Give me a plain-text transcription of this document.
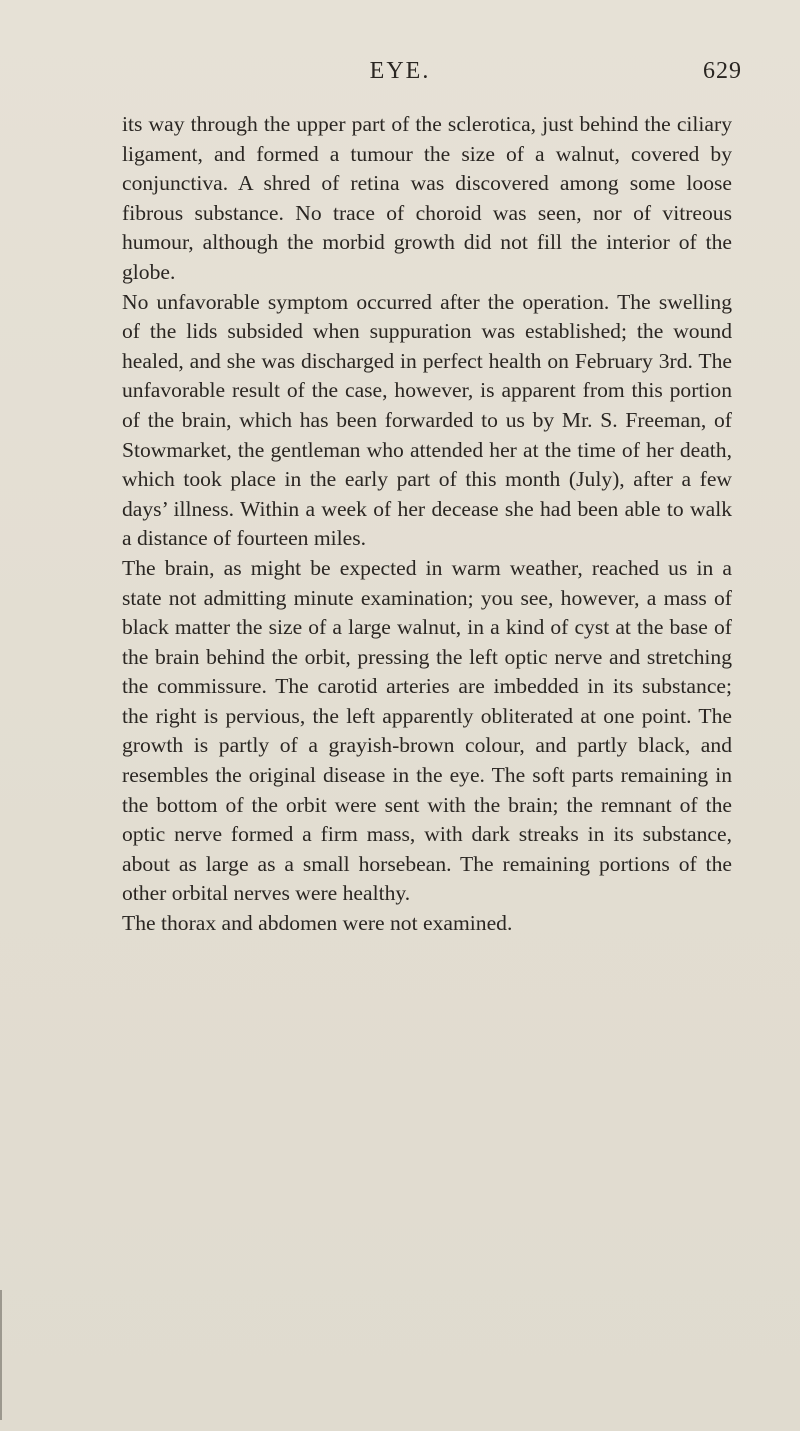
EYE.	629

its way through the upper part of the sclerotica, just behind the ciliary ligament, and formed a tumour the size of a walnut, covered by conjunctiva. A shred of retina was discovered among some loose fibrous substance. No trace of choroid was seen, nor of vitreous humour, although the morbid growth did not fill the interior of the globe.

No unfavorable symptom occurred after the operation. The swelling of the lids subsided when suppuration was established; the wound healed, and she was discharged in perfect health on February 3rd. The unfavorable result of the case, however, is apparent from this portion of the brain, which has been forwarded to us by Mr. S. Freeman, of Stowmarket, the gentleman who attended her at the time of her death, which took place in the early part of this month (July), after a few days’ illness. Within a week of her decease she had been able to walk a distance of fourteen miles.

The brain, as might be expected in warm weather, reached us in a state not admitting minute examination; you see, however, a mass of black matter the size of a large walnut, in a kind of cyst at the base of the brain behind the orbit, pressing the left optic nerve and stretching the commissure. The carotid arteries are imbedded in its substance; the right is pervious, the left apparently obliterated at one point. The growth is partly of a grayish-brown colour, and partly black, and resembles the original disease in the eye. The soft parts remaining in the bottom of the orbit were sent with the brain; the remnant of the optic nerve formed a firm mass, with dark streaks in its substance, about as large as a small horsebean. The remaining portions of the other orbital nerves were healthy.

The thorax and abdomen were not examined.
